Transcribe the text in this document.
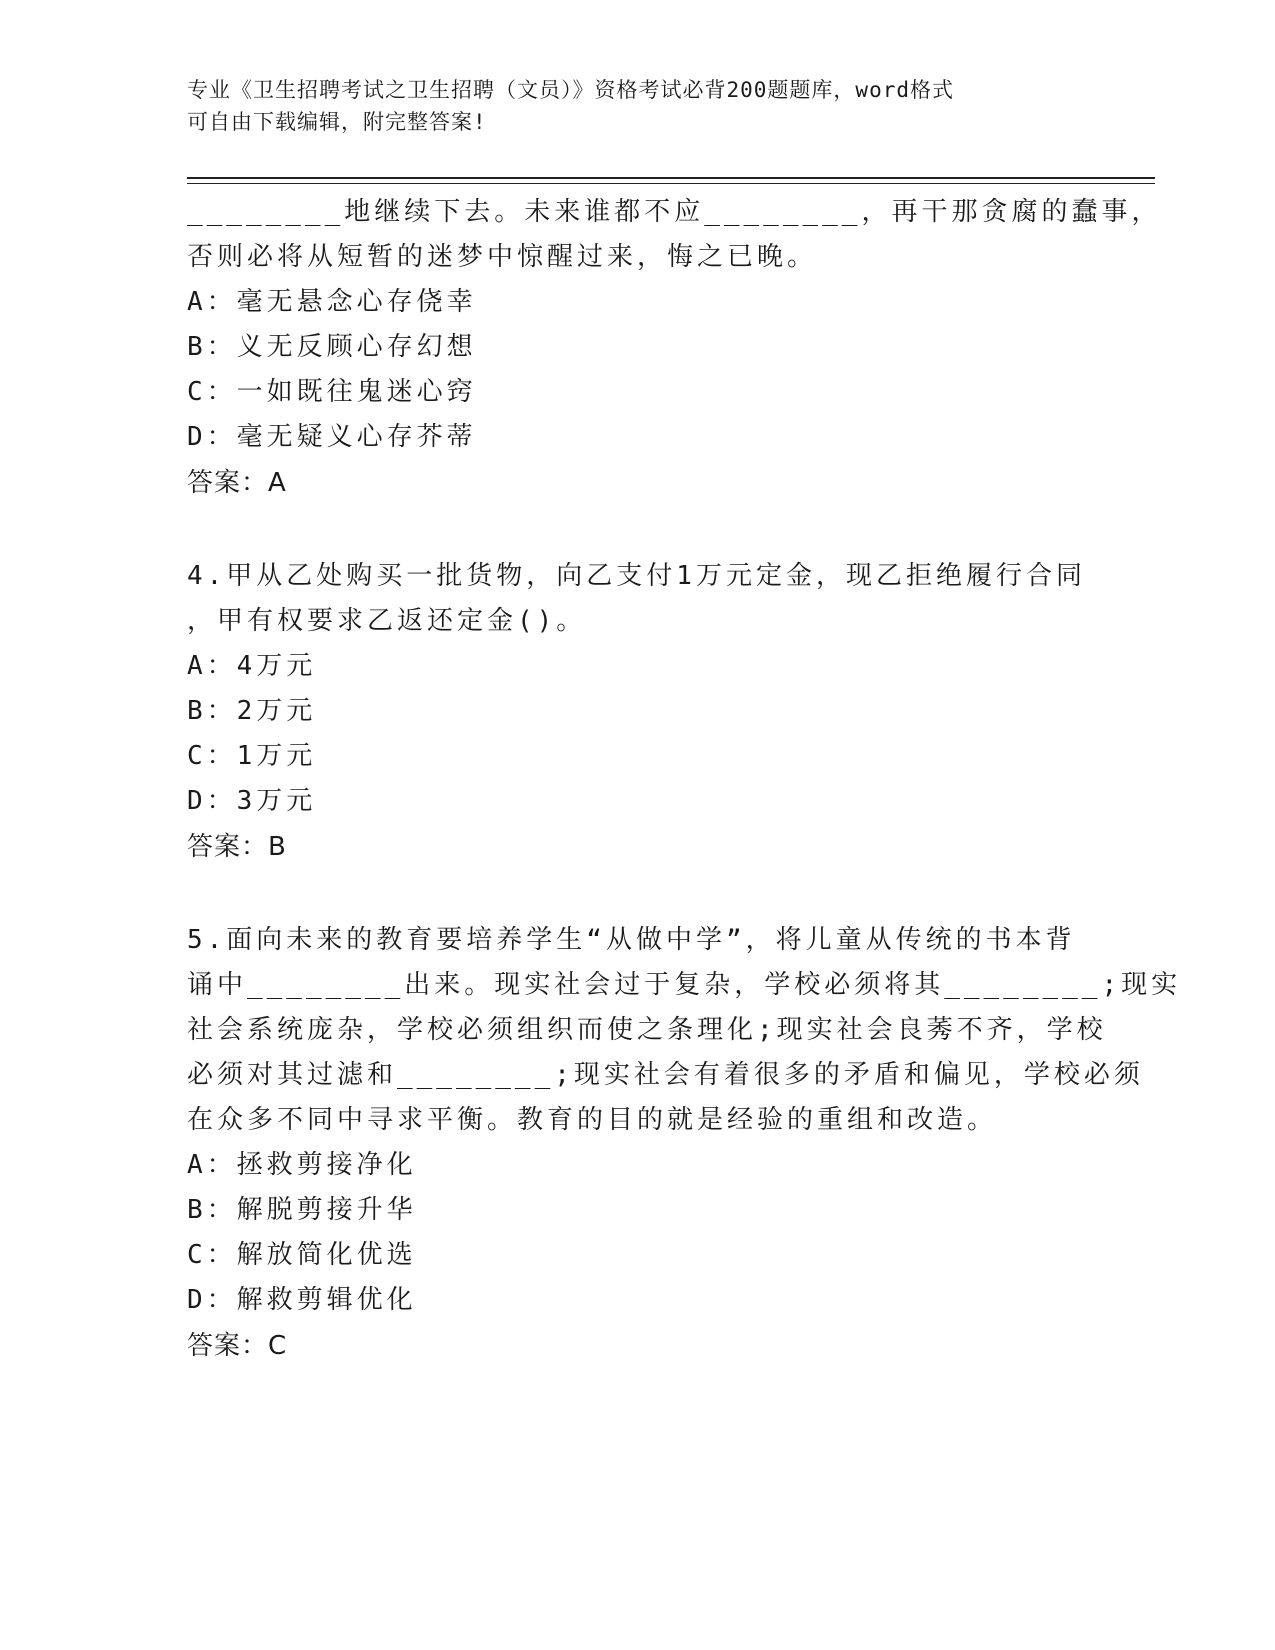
专业《卫生招聘考试之卫生招聘（文员）》资格考试必背200题题库，word格式
可自由下载编辑，附完整答案!
________地继续下去。未来谁都不应________，再干那贪腐的蠢事，
否则必将从短暂的迷梦中惊醒过来，悔之已晚。
A：毫无悬念心存侥幸
B：义无反顾心存幻想
C：一如既往鬼迷心窍
D：毫无疑义心存芥蒂
答案：A
4.甲从乙处购买一批货物，向乙支付1万元定金，现乙拒绝履行合同
，甲有权要求乙返还定金()。
A：4万元
B：2万元
C：1万元
D：3万元
答案：B
5.面向未来的教育要培养学生“从做中学”，将儿童从传统的书本背
诵中________出来。现实社会过于复杂，学校必须将其________;现实
社会系统庞杂，学校必须组织而使之条理化;现实社会良莠不齐，学校
必须对其过滤和________;现实社会有着很多的矛盾和偏见，学校必须
在众多不同中寻求平衡。教育的目的就是经验的重组和改造。
A：拯救剪接净化
B：解脱剪接升华
C：解放简化优选
D：解救剪辑优化
答案：C
